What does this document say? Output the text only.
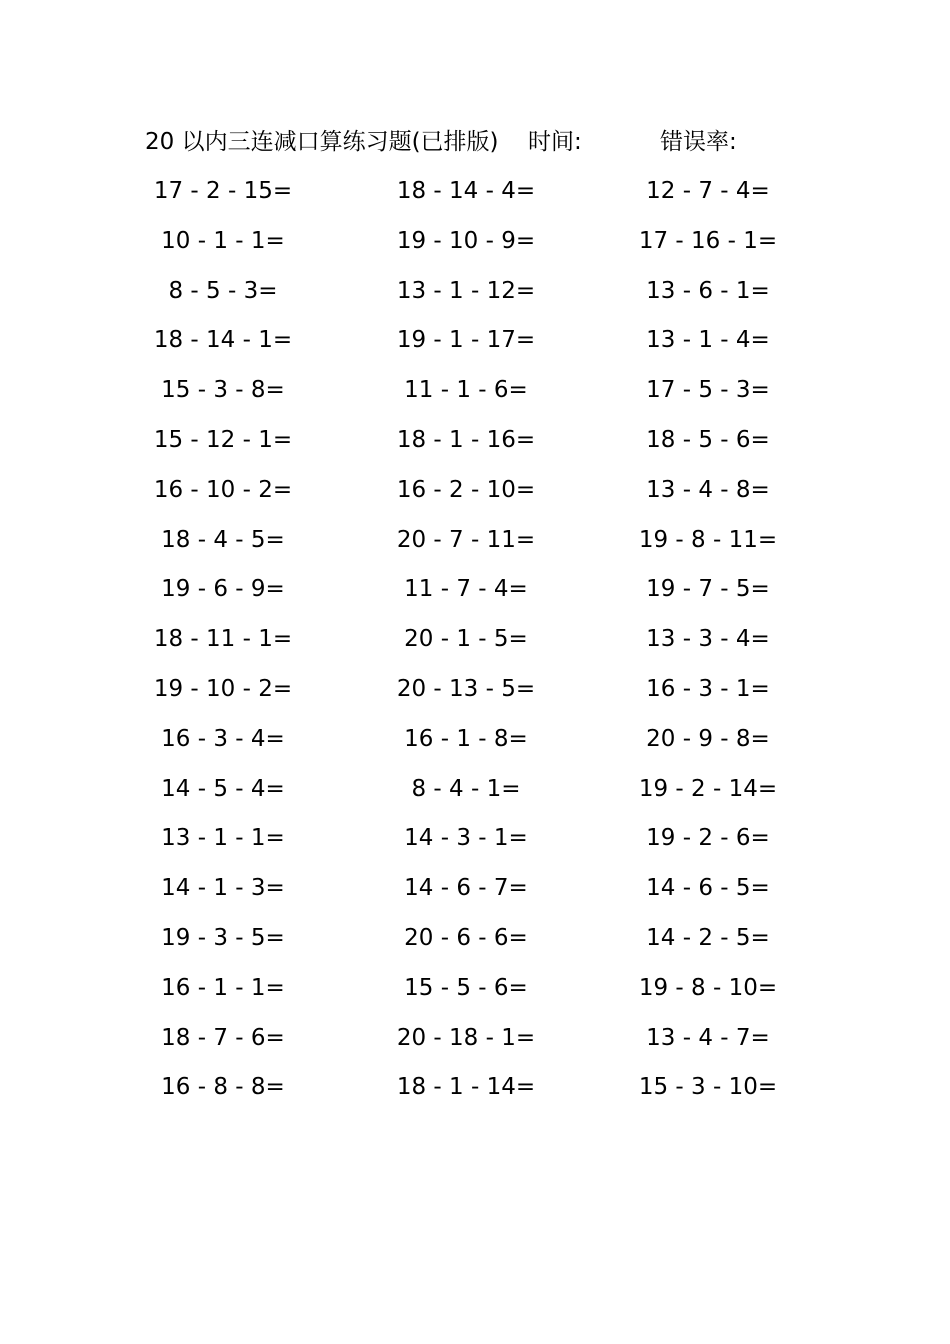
20 以内三连减口算练习题(已排版) 时间:	错误率:
17 - 2 - 15=	18 - 14 - 4=	12 - 7 - 4=
10 - 1 - 1=	19 - 10 - 9=	17 - 16 - 1=
8 - 5 - 3=	13 - 1 - 12=	13 - 6 - 1=
18 - 14 - 1=	19 - 1 - 17=	13 - 1 - 4=
15 - 3 - 8=	11 - 1 - 6=	17 - 5 - 3=
15 - 12 - 1=	18 - 1 - 16=	18 - 5 - 6=
16 - 10 - 2=	16 - 2 - 10=	13 - 4 - 8=
18 - 4 - 5=	20 - 7 - 11=	19 - 8 - 11=
19 - 6 - 9=	11 - 7 - 4=	19 - 7 - 5=
18 - 11 - 1=	20 - 1 - 5=	13 - 3 - 4=
19 - 10 - 2=	20 - 13 - 5=	16 - 3 - 1=
16 - 3 - 4=	16 - 1 - 8=	20 - 9 - 8=
14 - 5 - 4=	8 - 4 - 1=	19 - 2 - 14=
13 - 1 - 1=	14 - 3 - 1=	19 - 2 - 6=
14 - 1 - 3=	14 - 6 - 7=	14 - 6 - 5=
19 - 3 - 5=	20 - 6 - 6=	14 - 2 - 5=
16 - 1 - 1=	15 - 5 - 6=	19 - 8 - 10=
18 - 7 - 6=	20 - 18 - 1=	13 - 4 - 7=
16 - 8 - 8=	18 - 1 - 14=	15 - 3 - 10=
